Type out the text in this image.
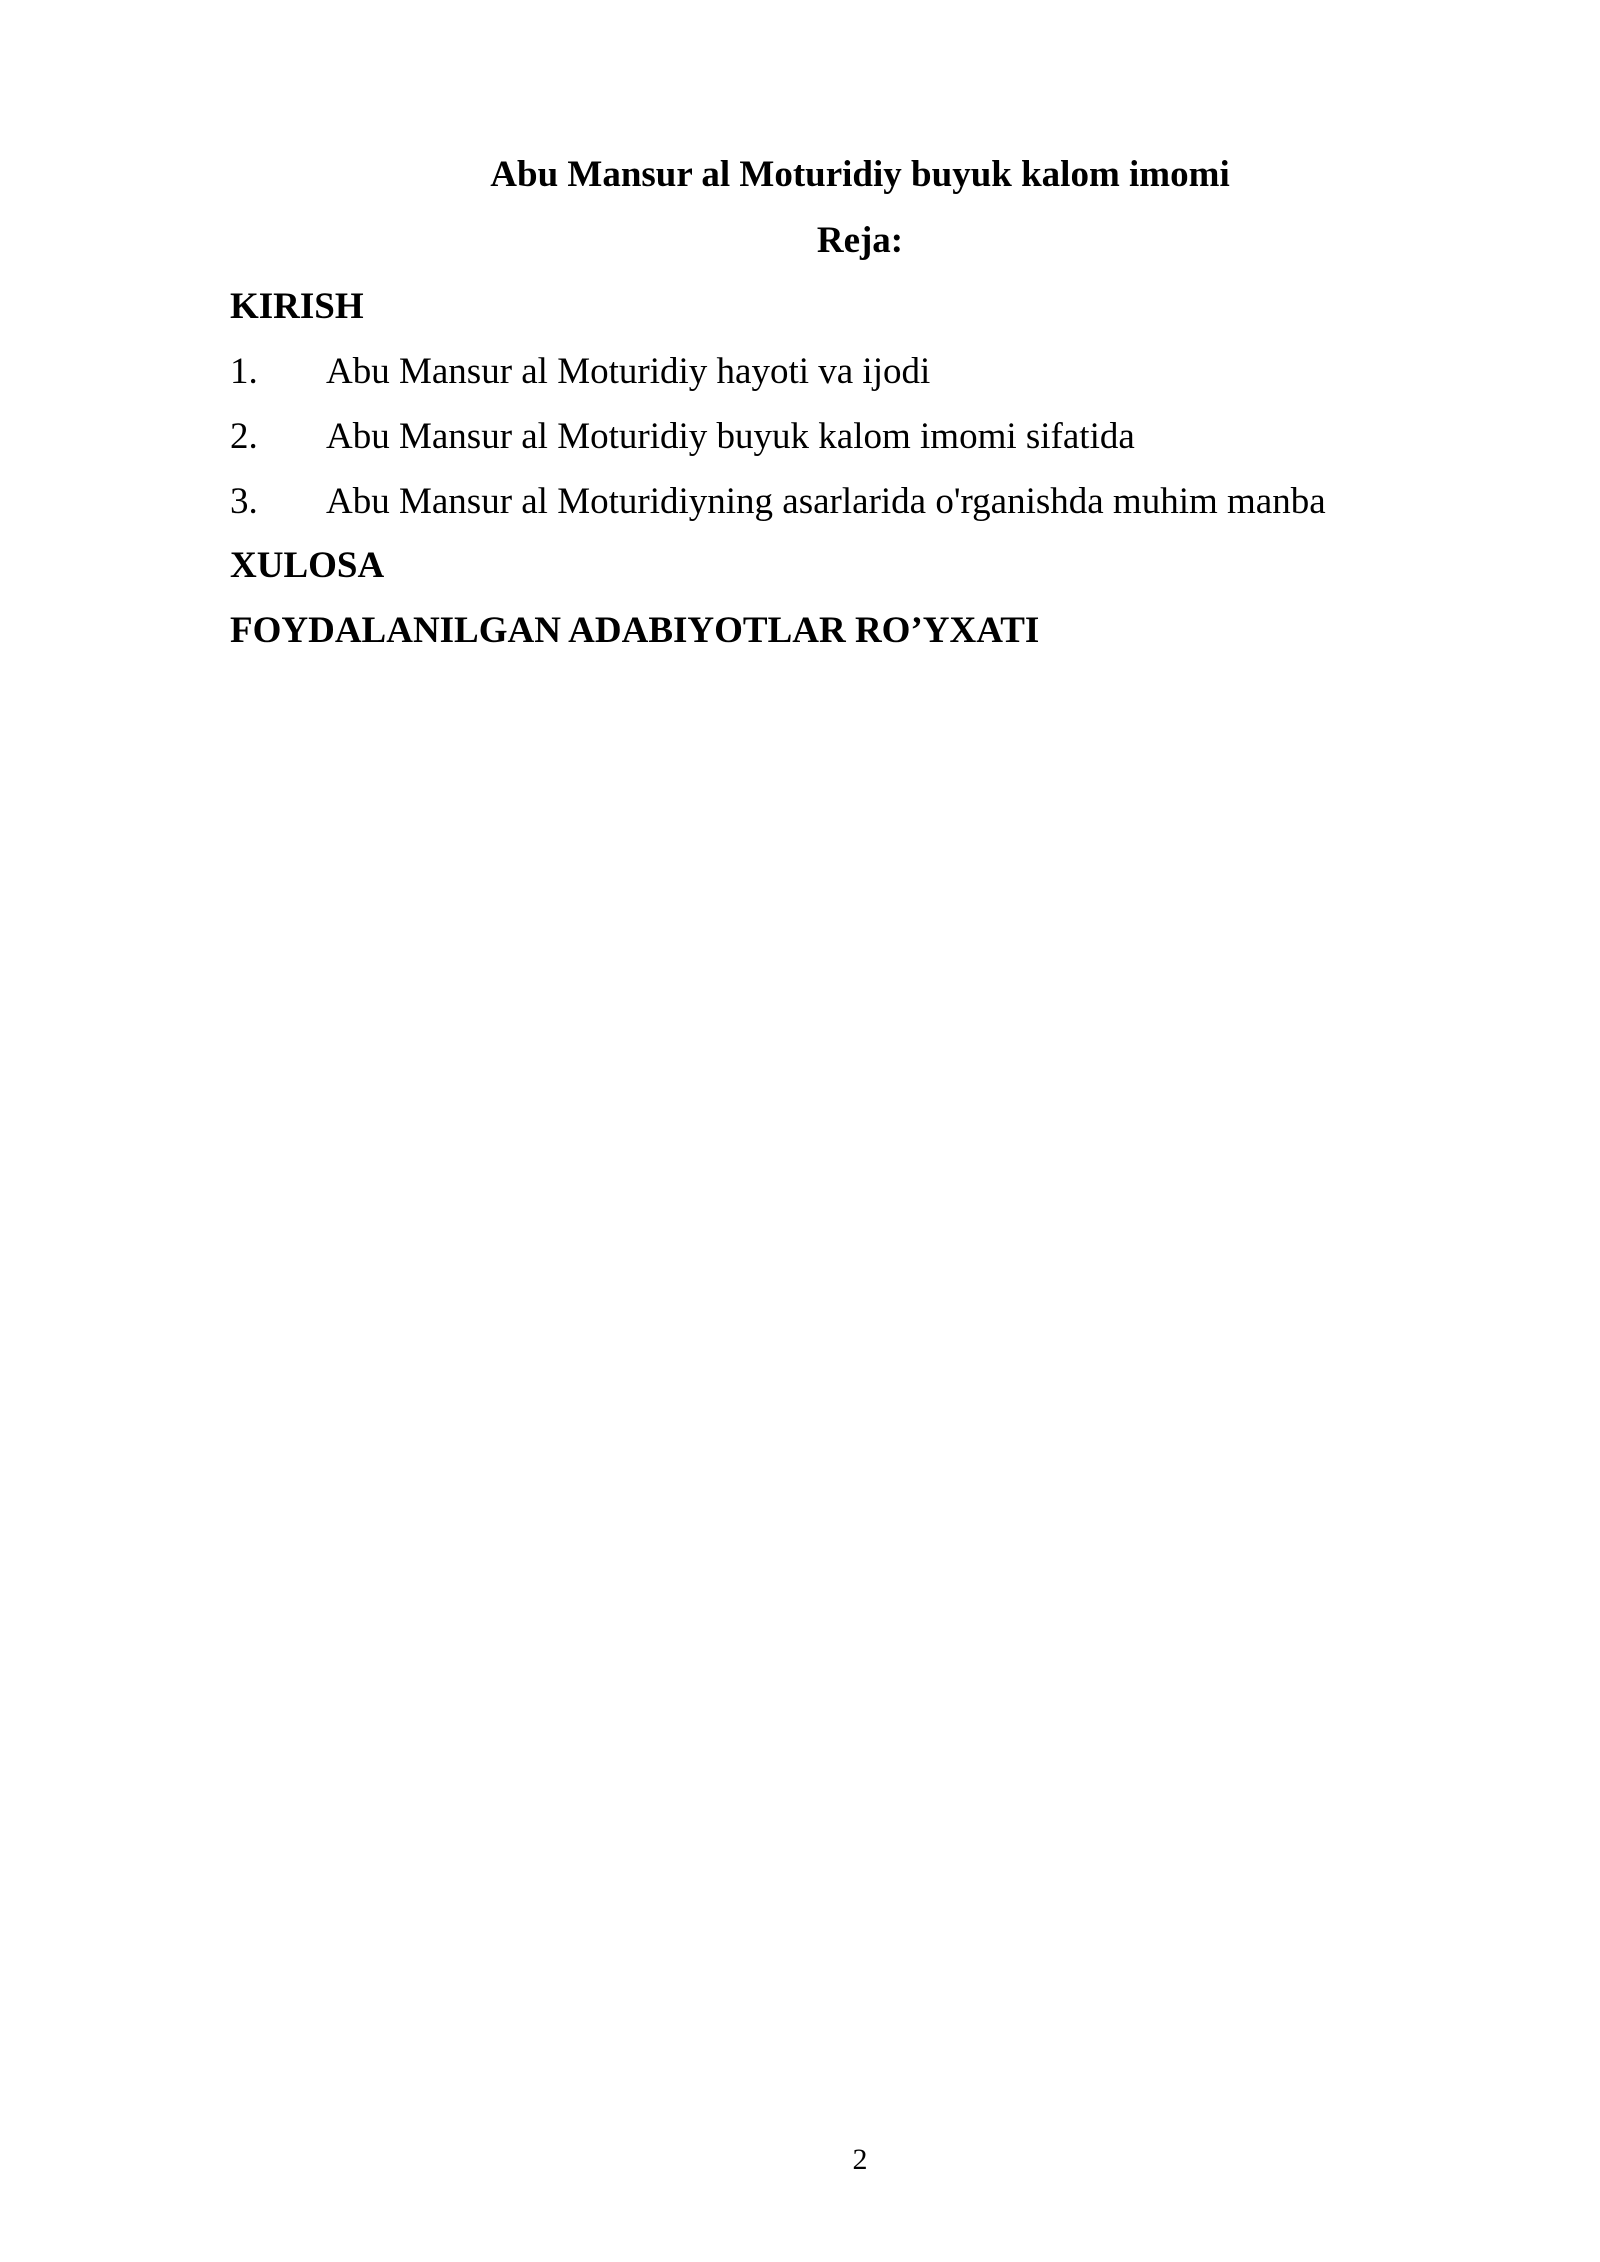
Abu Mansur al Moturidiy buyuk kalom imomi
Reja:
KIRISH

1. Abu Mansur al Moturidiy hayoti va ijodi

2. Abu Mansur al Moturidiy buyuk kalom imomi sifatida

3. Abu Mansur al Moturidiyning asarlarida o'rganishda muhim manba

XULOSA
FOYDALANILGAN ADABIYOTLAR RO’YXATI
2
